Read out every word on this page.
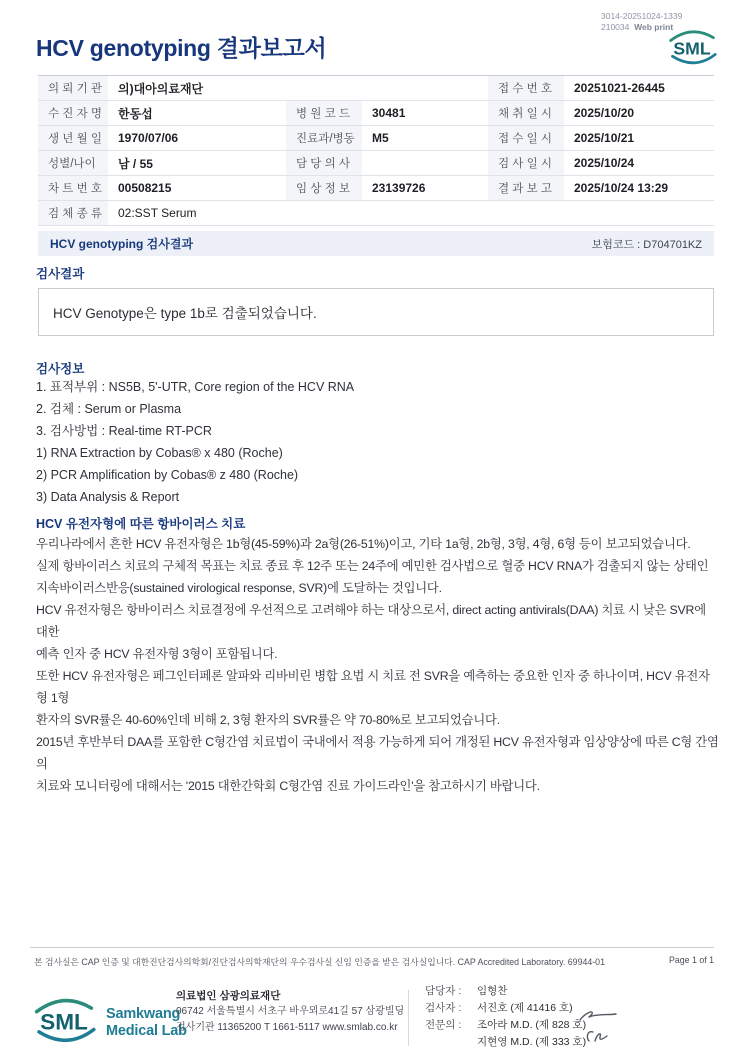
3014-20251024-1339
210034 Web print
HCV genotyping 결과보고서	SML
의 뢰 기 관	의)대아의료재단			접 수 번 호	20251021-26445
수 진 자 명	한동섭	병 원 코 드	30481	채 취 일 시	2025/10/20
생 년 월 일	1970/07/06	진료과/병동	M5	접 수 일 시	2025/10/21
성별/나이	남 / 55	담 당 의 사		검 사 일 시	2025/10/24
차 트 번 호	00508215	임 상 정 보	23139726	결 과 보 고	2025/10/24 13:29
검 체 종 류	02:SST Serum				
HCV genotyping 검사결과	보험코드 : D704701KZ
검사결과
HCV Genotype은 type 1b로 검출되었습니다.
검사정보
1. 표적부위 : NS5B, 5'-UTR, Core region of the HCV RNA
2. 검체 : Serum or Plasma
3. 검사방법 : Real-time RT-PCR
1) RNA Extraction by Cobas® x 480 (Roche)
2) PCR Amplification by Cobas® z 480 (Roche)
3) Data Analysis & Report
HCV 유전자형에 따른 항바이러스 치료
우리나라에서 흔한 HCV 유전자형은 1b형(45-59%)과 2a형(26-51%)이고, 기타 1a형, 2b형, 3형, 4형, 6형 등이 보고되었습니다.
실제 항바이러스 치료의 구체적 목표는 치료 종료 후 12주 또는 24주에 예민한 검사법으로 혈중 HCV RNA가 검출되지 않는 상태인
지속바이러스반응(sustained virological response, SVR)에 도달하는 것입니다.
HCV 유전자형은 항바이러스 치료결정에 우선적으로 고려해야 하는 대상으로서, direct acting antivirals(DAA) 치료 시 낮은 SVR에 대한
예측 인자 중 HCV 유전자형 3형이 포함됩니다.
또한 HCV 유전자형은 페그인터페론 알파와 리바비린 병합 요법 시 치료 전 SVR을 예측하는 중요한 인자 중 하나이며, HCV 유전자형 1형
환자의 SVR률은 40-60%인데 비해 2, 3형 환자의 SVR률은 약 70-80%로 보고되었습니다.
2015년 후반부터 DAA를 포함한 C형간염 치료법이 국내에서 적용 가능하게 되어 개정된 HCV 유전자형과 임상양상에 따른 C형 간염의
치료와 모니터링에 대해서는 '2015 대한간학회 C형간염 진료 가이드라인'을 참고하시기 바랍니다.
본 검사실은 CAP 인증 및 대한진단검사의학회/진단검사의학재단의 우수검사실 신임 인증을 받은 검사실입니다. CAP Accredited Laboratory. 69944-01	Page 1 of 1
SML Samkwang
Medical Lab
의료법인 삼광의료재단
06742 서울특별시 서초구 바우뫼로41길 57 삼광빌딩
검사기관 11365200 T 1661-5117 www.smlab.co.kr
담당자 :	임형찬
검사자 :	서진호 (제 41416 호)
전문의 :	조아라 M.D. (제 828 호)
지현영 M.D. (제 333 호)
